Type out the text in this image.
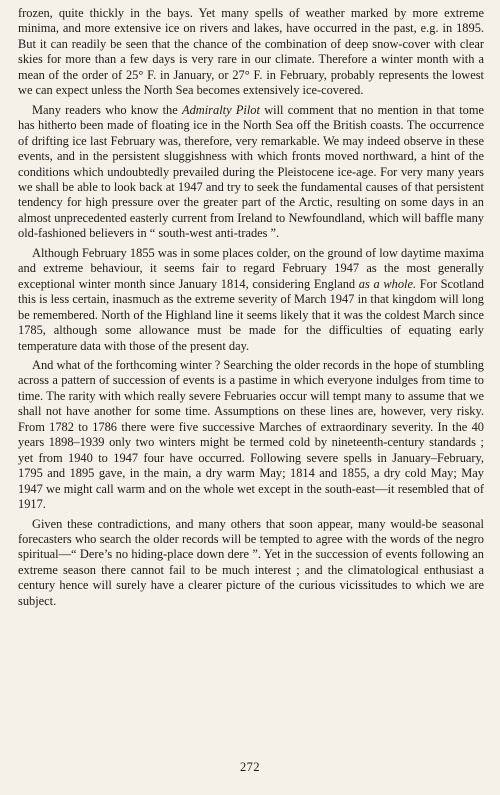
frozen, quite thickly in the bays. Yet many spells of weather marked by more extreme minima, and more extensive ice on rivers and lakes, have occurred in the past, e.g. in 1895. But it can readily be seen that the chance of the combination of deep snow-cover with clear skies for more than a few days is very rare in our climate. Therefore a winter month with a mean of the order of 25° F. in January, or 27° F. in February, probably represents the lowest we can expect unless the North Sea becomes extensively ice-covered.

Many readers who know the Admiralty Pilot will comment that no mention in that tome has hitherto been made of floating ice in the North Sea off the British coasts. The occurrence of drifting ice last February was, therefore, very remarkable. We may indeed observe in these events, and in the persistent sluggishness with which fronts moved northward, a hint of the conditions which undoubtedly prevailed during the Pleistocene ice-age. For very many years we shall be able to look back at 1947 and try to seek the fundamental causes of that persistent tendency for high pressure over the greater part of the Arctic, resulting on some days in an almost unprecedented easterly current from Ireland to Newfoundland, which will baffle many old-fashioned believers in “ south-west anti-trades ”.

Although February 1855 was in some places colder, on the ground of low daytime maxima and extreme behaviour, it seems fair to regard February 1947 as the most generally exceptional winter month since January 1814, considering England as a whole. For Scotland this is less certain, inasmuch as the extreme severity of March 1947 in that kingdom will long be remembered. North of the Highland line it seems likely that it was the coldest March since 1785, although some allowance must be made for the difficulties of equating early temperature data with those of the present day.

And what of the forthcoming winter ? Searching the older records in the hope of stumbling across a pattern of succession of events is a pastime in which everyone indulges from time to time. The rarity with which really severe Februaries occur will tempt many to assume that we shall not have another for some time. Assumptions on these lines are, however, very risky. From 1782 to 1786 there were five successive Marches of extraordinary severity. In the 40 years 1898–1939 only two winters might be termed cold by nineteenth-century standards ; yet from 1940 to 1947 four have occurred. Following severe spells in January–February, 1795 and 1895 gave, in the main, a dry warm May; 1814 and 1855, a dry cold May; May 1947 we might call warm and on the whole wet except in the south-east—it resembled that of 1917.

Given these contradictions, and many others that soon appear, many would-be seasonal forecasters who search the older records will be tempted to agree with the words of the negro spiritual—“ Dere’s no hiding-place down dere ”. Yet in the succession of events following an extreme season there cannot fail to be much interest ; and the climatological enthusiast a century hence will surely have a clearer picture of the curious vicissitudes to which we are subject.

272
